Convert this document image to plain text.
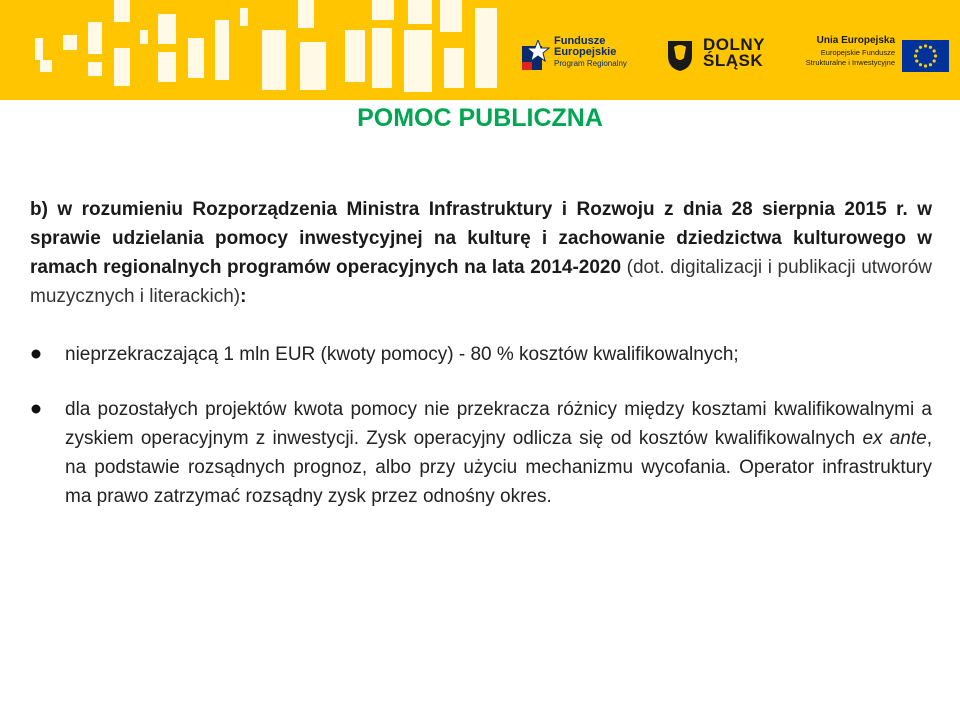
Fundusze
Europejskie
Program Regionalny
DOLNY
ŚLĄSK
Unia Europejska
Europejskie Fundusze
Strukturalne i Inwestycyjne
POMOC PUBLICZNA
b) w rozumieniu Rozporządzenia Ministra Infrastruktury i Rozwoju z dnia 28 sierpnia 2015 r. w sprawie udzielania pomocy inwestycyjnej na kulturę i zachowanie dziedzictwa kulturowego w ramach regionalnych programów operacyjnych na lata 2014-2020 (dot. digitalizacji i publikacji utworów muzycznych i literackich):
nieprzekraczającą 1 mln EUR (kwoty pomocy) - 80 % kosztów kwalifikowalnych;
dla pozostałych projektów kwota pomocy nie przekracza różnicy między kosztami kwalifikowalnymi a zyskiem operacyjnym z inwestycji. Zysk operacyjny odlicza się od kosztów kwalifikowalnych ex ante, na podstawie rozsądnych prognoz, albo przy użyciu mechanizmu wycofania. Operator infrastruktury ma prawo zatrzymać rozsądny zysk przez odnośny okres.
